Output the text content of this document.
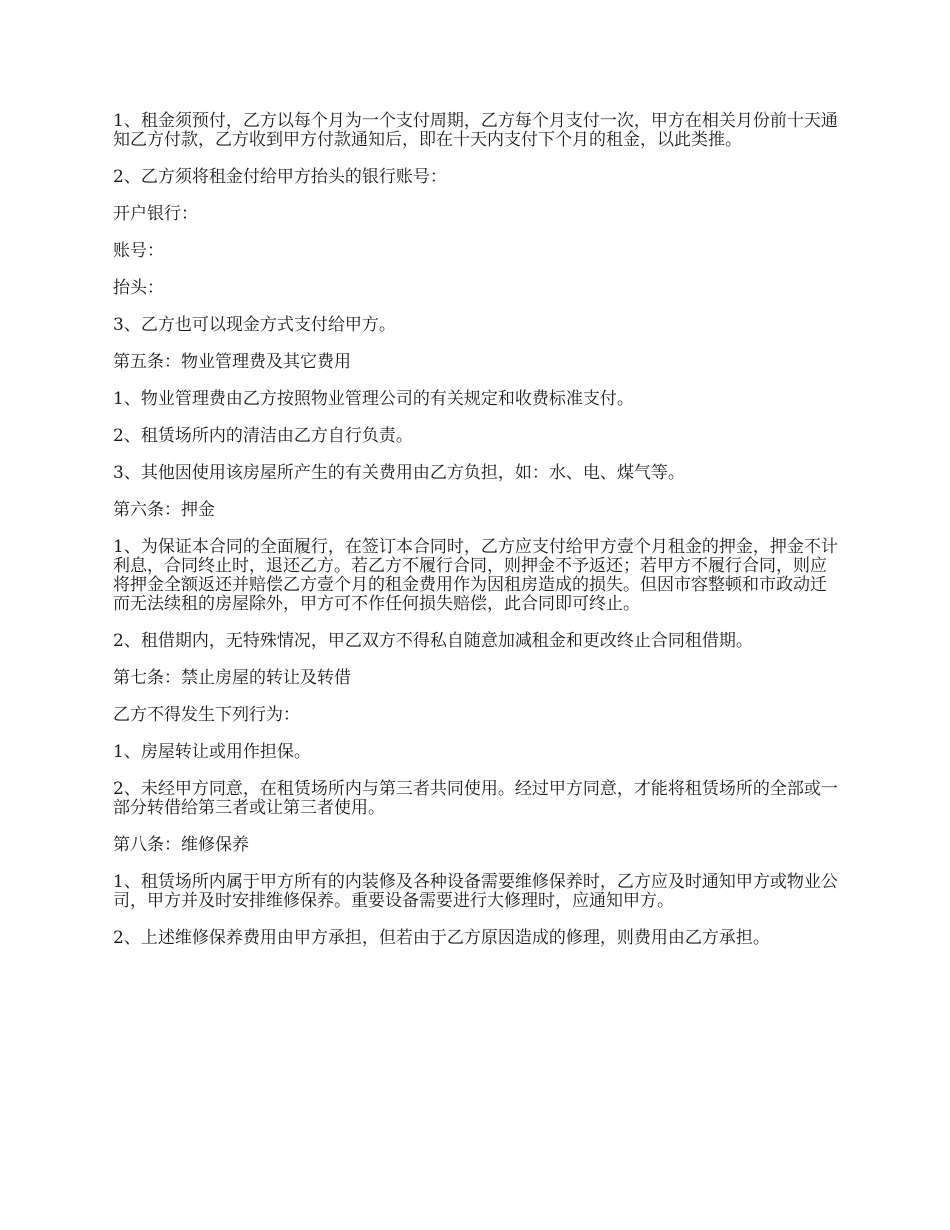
1、租金须预付，乙方以每个月为一个支付周期，乙方每个月支付一次，甲方在相关月份前十天通知乙方付款，乙方收到甲方付款通知后，即在十天内支付下个月的租金，以此类推。

2、乙方须将租金付给甲方抬头的银行账号：

开户银行：

账号：

抬头：

3、乙方也可以现金方式支付给甲方。

第五条：物业管理费及其它费用

1、物业管理费由乙方按照物业管理公司的有关规定和收费标准支付。

2、租赁场所内的清洁由乙方自行负责。

3、其他因使用该房屋所产生的有关费用由乙方负担，如：水、电、煤气等。

第六条：押金

1、为保证本合同的全面履行，在签订本合同时，乙方应支付给甲方壹个月租金的押金，押金不计利息，合同终止时，退还乙方。若乙方不履行合同，则押金不予返还；若甲方不履行合同，则应将押金全额返还并赔偿乙方壹个月的租金费用作为因租房造成的损失。但因市容整顿和市政动迁而无法续租的房屋除外，甲方可不作任何损失赔偿，此合同即可终止。

2、租借期内，无特殊情况，甲乙双方不得私自随意加减租金和更改终止合同租借期。

第七条：禁止房屋的转让及转借

乙方不得发生下列行为：

1、房屋转让或用作担保。

2、未经甲方同意，在租赁场所内与第三者共同使用。经过甲方同意，才能将租赁场所的全部或一部分转借给第三者或让第三者使用。

第八条：维修保养

1、租赁场所内属于甲方所有的内装修及各种设备需要维修保养时，乙方应及时通知甲方或物业公司，甲方并及时安排维修保养。重要设备需要进行大修理时，应通知甲方。

2、上述维修保养费用由甲方承担，但若由于乙方原因造成的修理，则费用由乙方承担。
